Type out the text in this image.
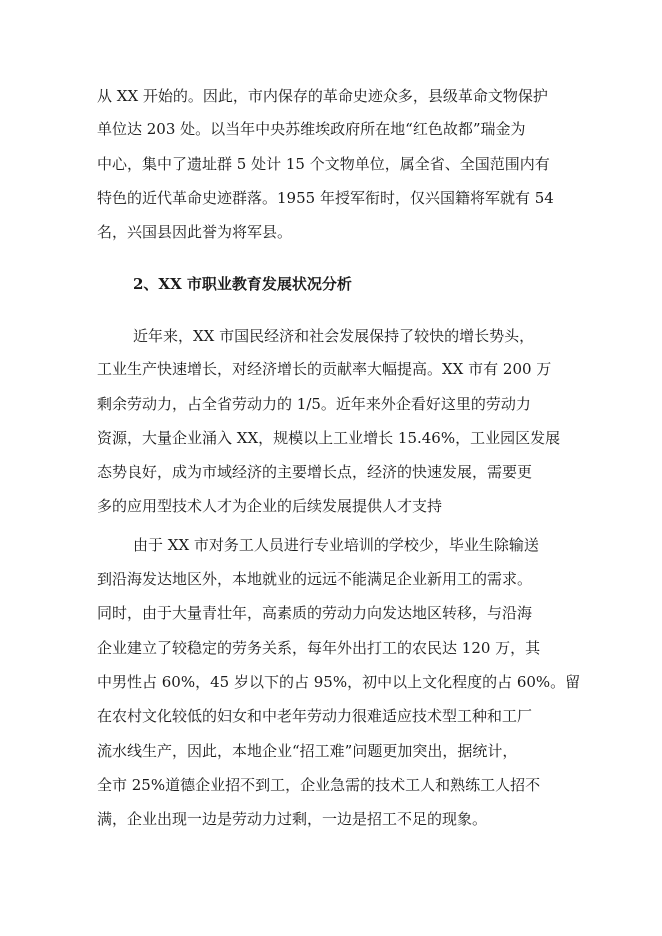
从 XX 开始的。因此，市内保存的革命史迹众多，县级革命文物保护
单位达 203 处。以当年中央苏维埃政府所在地“红色故都”瑞金为
中心，集中了遗址群 5 处计 15 个文物单位，属全省、全国范围内有
特色的近代革命史迹群落。1955 年授军衔时，仅兴国籍将军就有 54
名，兴国县因此誉为将军县。
2、XX 市职业教育发展状况分析
近年来，XX 市国民经济和社会发展保持了较快的增长势头，
工业生产快速增长，对经济增长的贡献率大幅提高。XX 市有 200 万
剩余劳动力，占全省劳动力的 1/5。近年来外企看好这里的劳动力
资源，大量企业涌入 XX，规模以上工业增长 15.46%，工业园区发展
态势良好，成为市域经济的主要增长点，经济的快速发展，需要更
多的应用型技术人才为企业的后续发展提供人才支持
由于 XX 市对务工人员进行专业培训的学校少，毕业生除输送
到沿海发达地区外，本地就业的远远不能满足企业新用工的需求。
同时，由于大量青壮年，高素质的劳动力向发达地区转移，与沿海
企业建立了较稳定的劳务关系，每年外出打工的农民达 120 万，其
中男性占 60%，45 岁以下的占 95%，初中以上文化程度的占 60%。留
在农村文化较低的妇女和中老年劳动力很难适应技术型工种和工厂
流水线生产，因此，本地企业“招工难”问题更加突出，据统计，
全市 25%道德企业招不到工，企业急需的技术工人和熟练工人招不
满，企业出现一边是劳动力过剩，一边是招工不足的现象。
